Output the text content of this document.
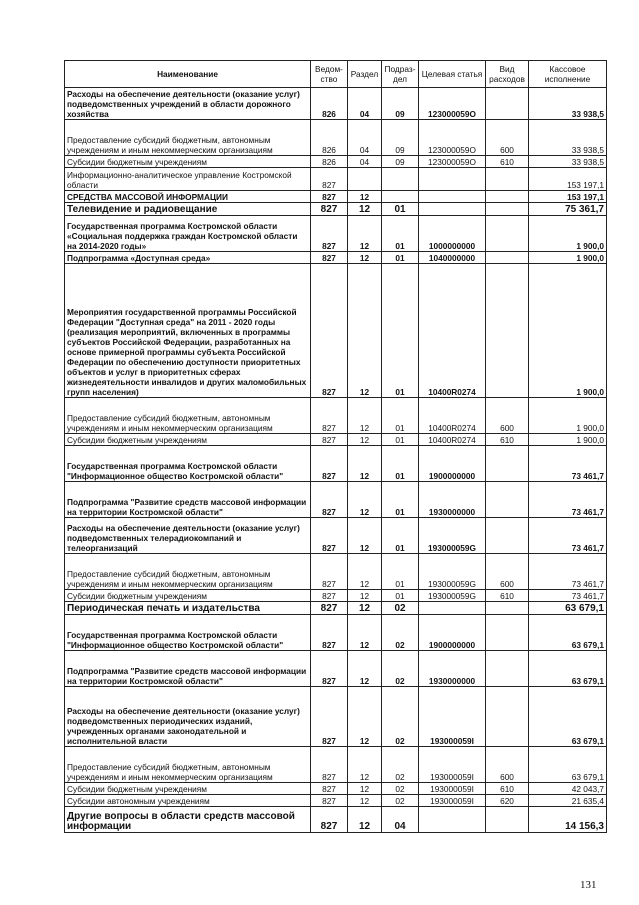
Наименование	Ведом-ство	Раздел	Подраз-дел	Целевая статья	Вид расходов	Кассовое исполнение
Расходы на обеспечение деятельности (оказание услуг) подведомственных учреждений в области дорожного хозяйства	826	04	09	123000059О		33 938,5
Предоставление субсидий бюджетным, автономным учреждениям и иным некоммерческим организациям	826	04	09	123000059О	600	33 938,5
Субсидии бюджетным учреждениям	826	04	09	123000059О	610	33 938,5
Информационно-аналитическое управление Костромской области	827					153 197,1
СРЕДСТВА МАССОВОЙ ИНФОРМАЦИИ	827	12				153 197,1
Телевидение и радиовещание	827	12	01			75 361,7
Государственная программа Костромской области «Социальная поддержка граждан Костромской области на 2014-2020 годы»	827	12	01	1000000000		1 900,0
Подпрограмма «Доступная среда»	827	12	01	1040000000		1 900,0
Мероприятия государственной программы Российской Федерации "Доступная среда" на 2011 - 2020 годы (реализация мероприятий, включенных в программы субъектов Российской Федерации, разработанных на основе примерной программы субъекта Российской Федерации по обеспечению доступности приоритетных объектов и услуг в приоритетных сферах жизнедеятельности инвалидов и других маломобильных групп населения)	827	12	01	10400R0274		1 900,0
Предоставление субсидий бюджетным, автономным учреждениям и иным некоммерческим организациям	827	12	01	10400R0274	600	1 900,0
Субсидии бюджетным учреждениям	827	12	01	10400R0274	610	1 900,0
Государственная программа Костромской области "Информационное общество Костромской области"	827	12	01	1900000000		73 461,7
Подпрограмма "Развитие средств массовой информации на территории Костромской области"	827	12	01	1930000000		73 461,7
Расходы на обеспечение деятельности (оказание услуг) подведомственных телерадиокомпаний и телеорганизаций	827	12	01	193000059G		73 461,7
Предоставление субсидий бюджетным, автономным учреждениям и иным некоммерческим организациям	827	12	01	193000059G	600	73 461,7
Субсидии бюджетным учреждениям	827	12	01	193000059G	610	73 461,7
Периодическая печать и издательства	827	12	02			63 679,1
Государственная программа Костромской области "Информационное общество Костромской области"	827	12	02	1900000000		63 679,1
Подпрограмма "Развитие средств массовой информации на территории Костромской области"	827	12	02	1930000000		63 679,1
Расходы на обеспечение деятельности (оказание услуг) подведомственных периодических изданий, учрежденных органами законодательной и исполнительной власти	827	12	02	193000059I		63 679,1
Предоставление субсидий бюджетным, автономным учреждениям и иным некоммерческим организациям	827	12	02	193000059I	600	63 679,1
Субсидии бюджетным учреждениям	827	12	02	193000059I	610	42 043,7
Субсидии автономным учреждениям	827	12	02	193000059I	620	21 635,4
Другие вопросы в области средств массовой информации	827	12	04			14 156,3
131
